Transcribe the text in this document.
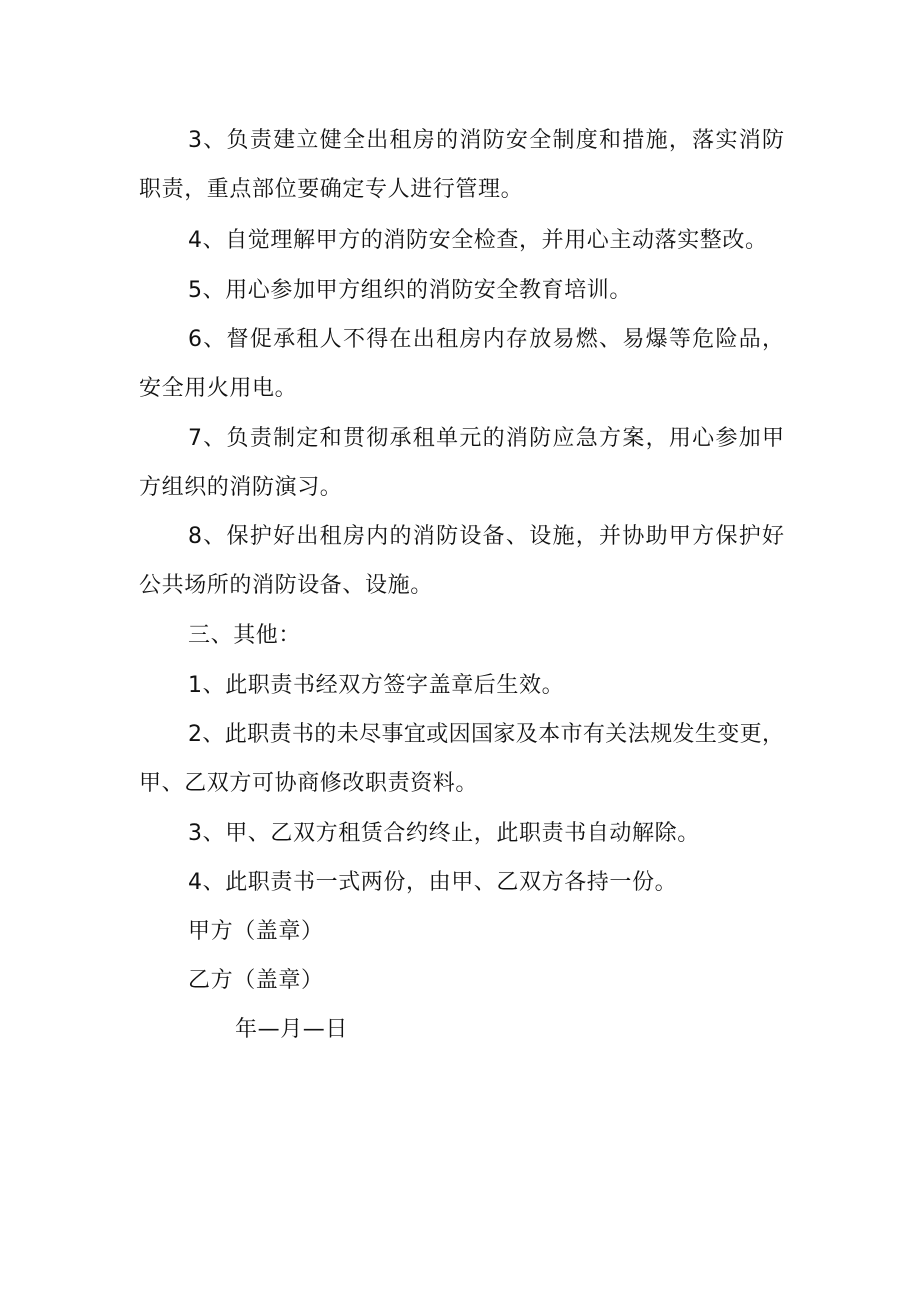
3、负责建立健全出租房的消防安全制度和措施，落实消防
职责，重点部位要确定专人进行管理。
4、自觉理解甲方的消防安全检查，并用心主动落实整改。
5、用心参加甲方组织的消防安全教育培训。
6、督促承租人不得在出租房内存放易燃、易爆等危险品，
安全用火用电。
7、负责制定和贯彻承租单元的消防应急方案，用心参加甲
方组织的消防演习。
8、保护好出租房内的消防设备、设施，并协助甲方保护好
公共场所的消防设备、设施。
三、其他：
1、此职责书经双方签字盖章后生效。
2、此职责书的未尽事宜或因国家及本市有关法规发生变更，
甲、乙双方可协商修改职责资料。
3、甲、乙双方租赁合约终止，此职责书自动解除。
4、此职责书一式两份，由甲、乙双方各持一份。
甲方（盖章）
乙方（盖章）
年—月—日
